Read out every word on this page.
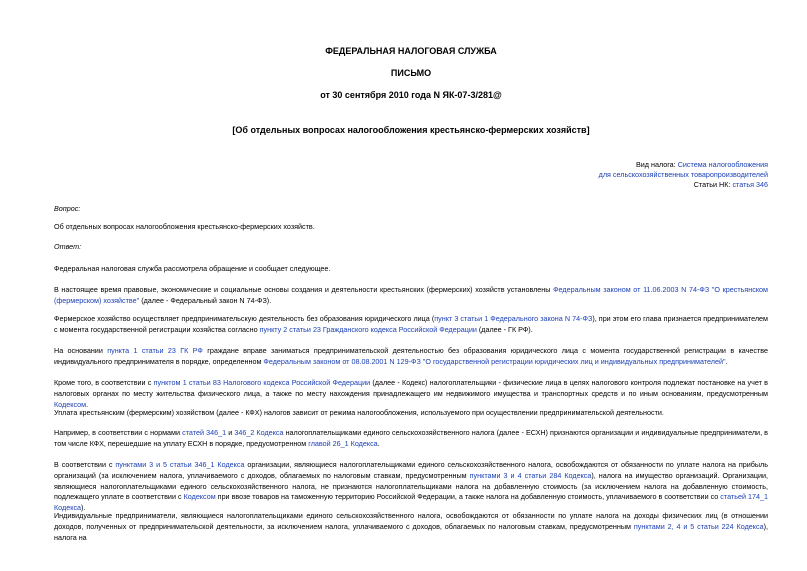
ФЕДЕРАЛЬНАЯ НАЛОГОВАЯ СЛУЖБА
ПИСЬМО
от 30 сентября 2010 года N ЯК-07-3/281@
[Об отдельных вопросах налогообложения крестьянско-фермерских хозяйств]
Вид налога: Система налогообложения
для сельскохозяйственных товаропроизводителей
Статьи НК: статья 346
Вопрос:
Об отдельных вопросах налогообложения крестьянско-фермерских хозяйств.
Ответ:
Федеральная налоговая служба рассмотрела обращение и сообщает следующее.
В настоящее время правовые, экономические и социальные основы создания и деятельности крестьянских (фермерских) хозяйств установлены Федеральным законом от 11.06.2003 N 74-ФЗ "О крестьянском (фермерском) хозяйстве" (далее - Федеральный закон N 74-ФЗ).
Фермерское хозяйство осуществляет предпринимательскую деятельность без образования юридического лица (пункт 3 статьи 1 Федерального закона N 74-ФЗ), при этом его глава признается предпринимателем с момента государственной регистрации хозяйства согласно пункту 2 статьи 23 Гражданского кодекса Российской Федерации (далее - ГК РФ).
На основании пункта 1 статьи 23 ГК РФ граждане вправе заниматься предпринимательской деятельностью без образования юридического лица с момента государственной регистрации в качестве индивидуального предпринимателя в порядке, определенном Федеральным законом от 08.08.2001 N 129-ФЗ "О государственной регистрации юридических лиц и индивидуальных предпринимателей".
Кроме того, в соответствии с пунктом 1 статьи 83 Налогового кодекса Российской Федерации (далее - Кодекс) налогоплательщики - физические лица в целях налогового контроля подлежат постановке на учет в налоговых органах по месту жительства физического лица, а также по месту нахождения принадлежащего им недвижимого имущества и транспортных средств и по иным основаниям, предусмотренным Кодексом.
Уплата крестьянским (фермерским) хозяйством (далее - КФХ) налогов зависит от режима налогообложения, используемого при осуществлении предпринимательской деятельности.
Например, в соответствии с нормами статей 346_1 и 346_2 Кодекса налогоплательщиками единого сельскохозяйственного налога (далее - ЕСХН) признаются организации и индивидуальные предприниматели, в том числе КФХ, перешедшие на уплату ЕСХН в порядке, предусмотренном главой 26_1 Кодекса.
В соответствии с пунктами 3 и 5 статьи 346_1 Кодекса организации, являющиеся налогоплательщиками единого сельскохозяйственного налога, освобождаются от обязанности по уплате налога на прибыль организаций (за исключением налога, уплачиваемого с доходов, облагаемых по налоговым ставкам, предусмотренным пунктами 3 и 4 статьи 284 Кодекса), налога на имущество организаций. Организации, являющиеся налогоплательщиками единого сельскохозяйственного налога, не признаются налогоплательщиками налога на добавленную стоимость (за исключением налога на добавленную стоимость, подлежащего уплате в соответствии с Кодексом при ввозе товаров на таможенную территорию Российской Федерации, а также налога на добавленную стоимость, уплачиваемого в соответствии со статьей 174_1 Кодекса).
Индивидуальные предприниматели, являющиеся налогоплательщиками единого сельскохозяйственного налога, освобождаются от обязанности по уплате налога на доходы физических лиц (в отношении доходов, полученных от предпринимательской деятельности, за исключением налога, уплачиваемого с доходов, облагаемых по налоговым ставкам, предусмотренным пунктами 2, 4 и 5 статьи 224 Кодекса), налога на
